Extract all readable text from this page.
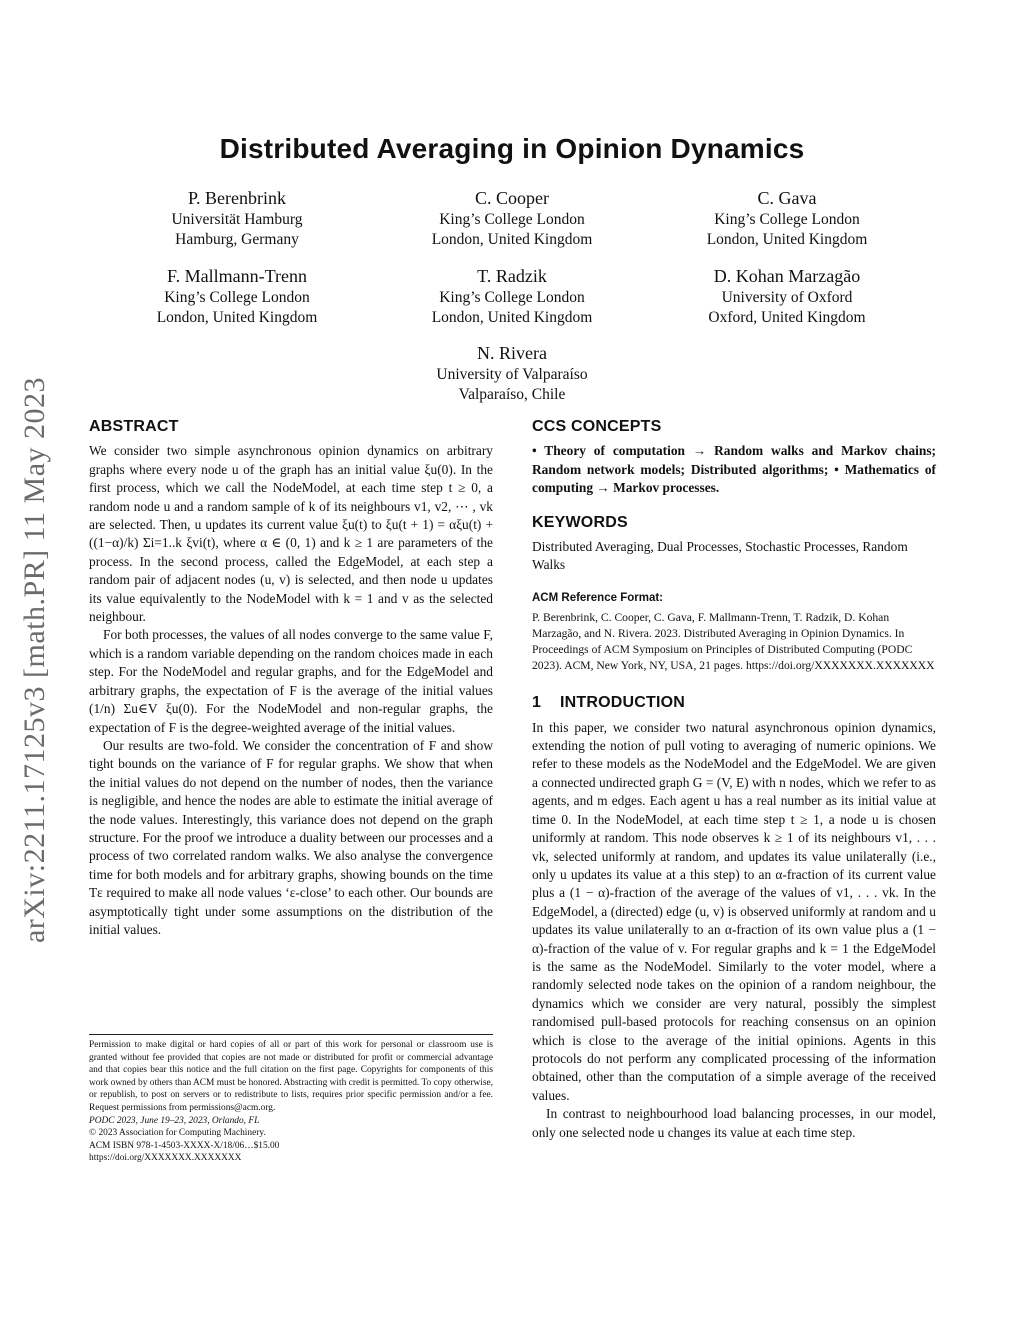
arXiv:2211.17125v3 [math.PR] 11 May 2023
Distributed Averaging in Opinion Dynamics
P. Berenbrink
Universität Hamburg
Hamburg, Germany
C. Cooper
King’s College London
London, United Kingdom
C. Gava
King’s College London
London, United Kingdom
F. Mallmann-Trenn
King’s College London
London, United Kingdom
T. Radzik
King’s College London
London, United Kingdom
D. Kohan Marzagão
University of Oxford
Oxford, United Kingdom
N. Rivera
University of Valparaíso
Valparaíso, Chile
ABSTRACT

We consider two simple asynchronous opinion dynamics on arbitrary graphs where every node u of the graph has an initial value ξu(0). In the first process, which we call the NodeModel, at each time step t ≥ 0, a random node u and a random sample of k of its neighbours v1, v2, ⋯ , vk are selected. Then, u updates its current value ξu(t) to ξu(t + 1) = αξu(t) + ((1−α)/k) Σi=1..k ξvi(t), where α ∈ (0, 1) and k ≥ 1 are parameters of the process. In the second process, called the EdgeModel, at each step a random pair of adjacent nodes (u, v) is selected, and then node u updates its value equivalently to the NodeModel with k = 1 and v as the selected neighbour.

For both processes, the values of all nodes converge to the same value F, which is a random variable depending on the random choices made in each step. For the NodeModel and regular graphs, and for the EdgeModel and arbitrary graphs, the expectation of F is the average of the initial values (1/n) Σu∈V ξu(0). For the NodeModel and non-regular graphs, the expectation of F is the degree-weighted average of the initial values.

Our results are two-fold. We consider the concentration of F and show tight bounds on the variance of F for regular graphs. We show that when the initial values do not depend on the number of nodes, then the variance is negligible, and hence the nodes are able to estimate the initial average of the node values. Interestingly, this variance does not depend on the graph structure. For the proof we introduce a duality between our processes and a process of two correlated random walks. We also analyse the convergence time for both models and for arbitrary graphs, showing bounds on the time Tε required to make all node values ‘ε-close’ to each other. Our bounds are asymptotically tight under some assumptions on the distribution of the initial values.

Permission to make digital or hard copies of all or part of this work for personal or classroom use is granted without fee provided that copies are not made or distributed for profit or commercial advantage and that copies bear this notice and the full citation on the first page. Copyrights for components of this work owned by others than ACM must be honored. Abstracting with credit is permitted. To copy otherwise, or republish, to post on servers or to redistribute to lists, requires prior specific permission and/or a fee. Request permissions from permissions@acm.org.
PODC 2023, June 19–23, 2023, Orlando, FL
© 2023 Association for Computing Machinery.
ACM ISBN 978-1-4503-XXXX-X/18/06…$15.00
https://doi.org/XXXXXXX.XXXXXXX
CCS CONCEPTS

• Theory of computation → Random walks and Markov chains; Random network models; Distributed algorithms; • Mathematics of computing → Markov processes.

KEYWORDS

Distributed Averaging, Dual Processes, Stochastic Processes, Random Walks

ACM Reference Format:
P. Berenbrink, C. Cooper, C. Gava, F. Mallmann-Trenn, T. Radzik, D. Kohan Marzagão, and N. Rivera. 2023. Distributed Averaging in Opinion Dynamics. In Proceedings of ACM Symposium on Principles of Distributed Computing (PODC 2023). ACM, New York, NY, USA, 21 pages. https://doi.org/XXXXXXX.XXXXXXX
1 INTRODUCTION

In this paper, we consider two natural asynchronous opinion dynamics, extending the notion of pull voting to averaging of numeric opinions. We refer to these models as the NodeModel and the EdgeModel. We are given a connected undirected graph G = (V, E) with n nodes, which we refer to as agents, and m edges. Each agent u has a real number as its initial value at time 0. In the NodeModel, at each time step t ≥ 1, a node u is chosen uniformly at random. This node observes k ≥ 1 of its neighbours v1, . . . vk, selected uniformly at random, and updates its value unilaterally (i.e., only u updates its value at a this step) to an α-fraction of its current value plus a (1 − α)-fraction of the average of the values of v1, . . . vk. In the EdgeModel, a (directed) edge (u, v) is observed uniformly at random and u updates its value unilaterally to an α-fraction of its own value plus a (1 − α)-fraction of the value of v. For regular graphs and k = 1 the EdgeModel is the same as the NodeModel. Similarly to the voter model, where a randomly selected node takes on the opinion of a random neighbour, the dynamics which we consider are very natural, possibly the simplest randomised pull-based protocols for reaching consensus on an opinion which is close to the average of the initial opinions. Agents in this protocols do not perform any complicated processing of the information obtained, other than the computation of a simple average of the received values.

In contrast to neighbourhood load balancing processes, in our model, only one selected node u changes its value at each time step.
